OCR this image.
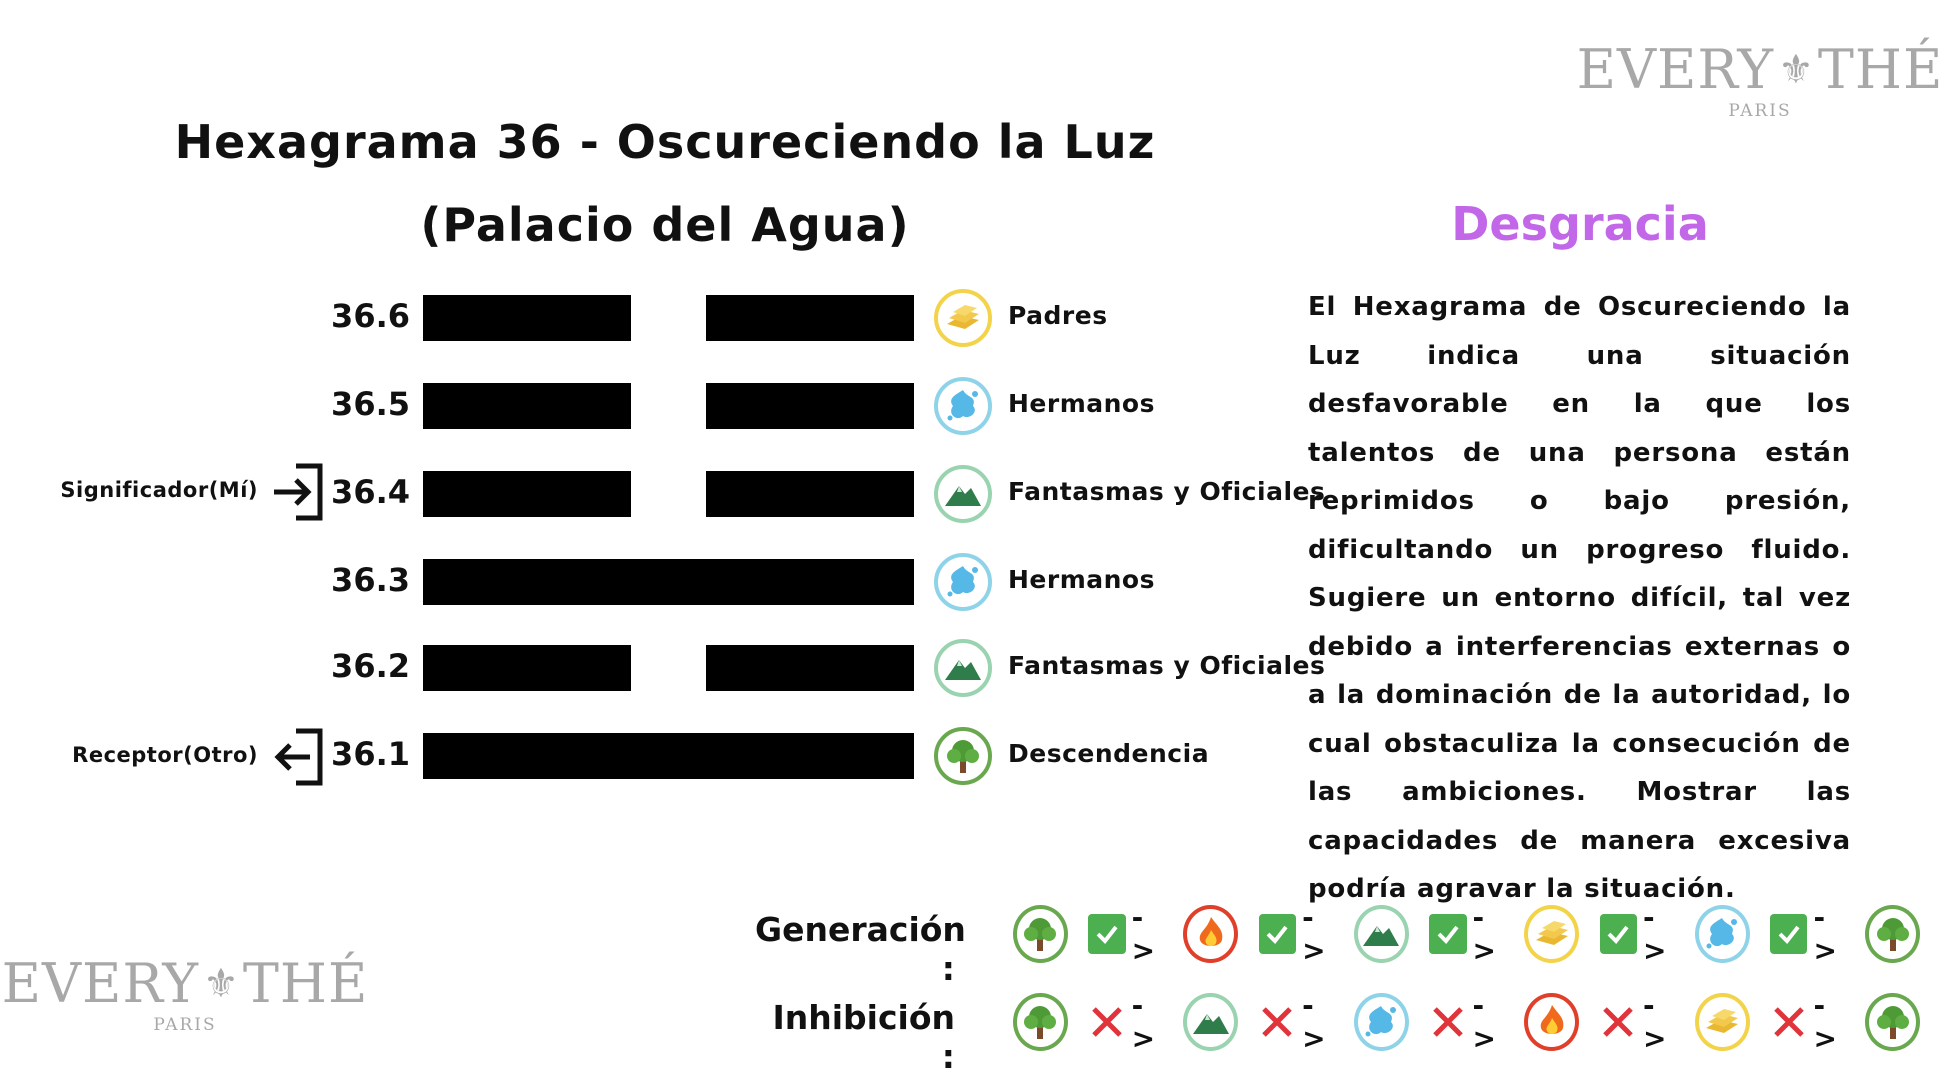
EVERY ⚜ THÉ
PARIS
EVERY ⚜ THÉ
PARIS
Hexagrama 36 - Oscureciendo la Luz
(Palacio del Agua)
36.6	Padres
36.5	Hermanos
36.4	Fantasmas y Oficiales
36.3	Hermanos
36.2	Fantasmas y Oficiales
36.1	Descendencia
Significador(Mí)
Receptor(Otro)
Desgracia
El Hexagrama de Oscureciendo la Luz indica una situación desfavorable en la que los talentos de una persona están reprimidos o bajo presión, dificultando un progreso fluido. Sugiere un entorno difícil, tal vez debido a interferencias externas o a la dominación de la autoridad, lo cual obstaculiza la consecución de las ambiciones. Mostrar las capacidades de manera excesiva podría agravar la situación.
Generación :
- >
- >
- >
- >
- >
Inhibición :
- >
- >
- >
- >
- >
